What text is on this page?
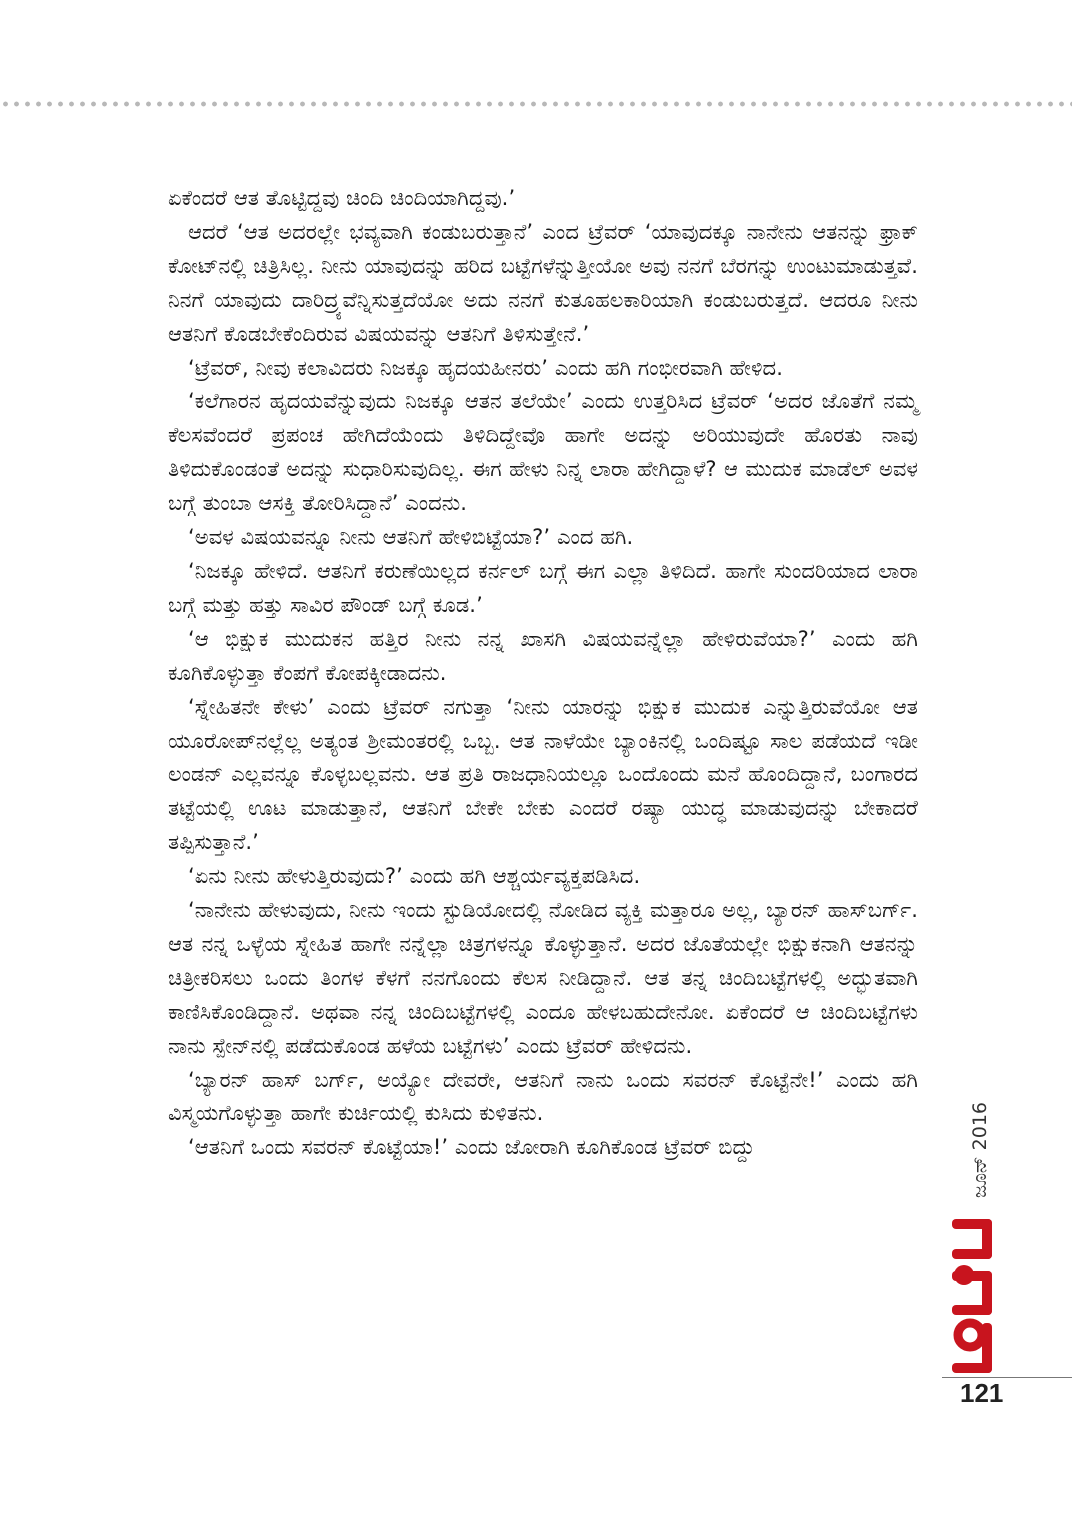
ಏಕೆಂದರೆ ಆತ ತೊಟ್ಟಿದ್ದವು ಚಿಂದಿ ಚಿಂದಿಯಾಗಿದ್ದವು.’

ಆದರೆ ‘ಆತ ಅದರಲ್ಲೇ ಭವ್ಯವಾಗಿ ಕಂಡುಬರುತ್ತಾನೆ’ ಎಂದ ಟ್ರೆವರ್ ‘ಯಾವುದಕ್ಕೂ ನಾನೇನು ಆತನನ್ನು ಫ್ರಾಕ್ ಕೋಟ್‌ನಲ್ಲಿ ಚಿತ್ರಿಸಿಲ್ಲ. ನೀನು ಯಾವುದನ್ನು ಹರಿದ ಬಟ್ಟೆಗಳೆನ್ನುತ್ತೀಯೋ ಅವು ನನಗೆ ಬೆರಗನ್ನು ಉಂಟುಮಾಡುತ್ತವೆ. ನಿನಗೆ ಯಾವುದು ದಾರಿದ್ರ್ಯವೆನ್ನಿಸುತ್ತದೆಯೋ ಅದು ನನಗೆ ಕುತೂಹಲಕಾರಿಯಾಗಿ ಕಂಡುಬರುತ್ತದೆ. ಆದರೂ ನೀನು ಆತನಿಗೆ ಕೊಡಬೇಕೆಂದಿರುವ ವಿಷಯವನ್ನು ಆತನಿಗೆ ತಿಳಿಸುತ್ತೇನೆ.’

‘ಟ್ರೆವರ್, ನೀವು ಕಲಾವಿದರು ನಿಜಕ್ಕೂ ಹೃದಯಹೀನರು’ ಎಂದು ಹಗಿ ಗಂಭೀರವಾಗಿ ಹೇಳಿದ.

‘ಕಲೆಗಾರನ ಹೃದಯವೆನ್ನುವುದು ನಿಜಕ್ಕೂ ಆತನ ತಲೆಯೇ’ ಎಂದು ಉತ್ತರಿಸಿದ ಟ್ರೆವರ್ ‘ಅದರ ಜೊತೆಗೆ ನಮ್ಮ ಕೆಲಸವೆಂದರೆ ಪ್ರಪಂಚ ಹೇಗಿದೆಯೆಂದು ತಿಳಿದಿದ್ದೇವೊ ಹಾಗೇ ಅದನ್ನು ಅರಿಯುವುದೇ ಹೊರತು ನಾವು ತಿಳಿದುಕೊಂಡಂತೆ ಅದನ್ನು ಸುಧಾರಿಸುವುದಿಲ್ಲ. ಈಗ ಹೇಳು ನಿನ್ನ ಲಾರಾ ಹೇಗಿದ್ದಾಳೆ? ಆ ಮುದುಕ ಮಾಡೆಲ್ ಅವಳ ಬಗ್ಗೆ ತುಂಬಾ ಆಸಕ್ತಿ ತೋರಿಸಿದ್ದಾನೆ’ ಎಂದನು.

‘ಅವಳ ವಿಷಯವನ್ನೂ ನೀನು ಆತನಿಗೆ ಹೇಳಿಬಿಟ್ಟೆಯಾ?’ ಎಂದ ಹಗಿ.

‘ನಿಜಕ್ಕೂ ಹೇಳಿದೆ. ಆತನಿಗೆ ಕರುಣೆಯಿಲ್ಲದ ಕರ್ನಲ್ ಬಗ್ಗೆ ಈಗ ಎಲ್ಲಾ ತಿಳಿದಿದೆ. ಹಾಗೇ ಸುಂದರಿಯಾದ ಲಾರಾ ಬಗ್ಗೆ ಮತ್ತು ಹತ್ತು ಸಾವಿರ ಪೌಂಡ್ ಬಗ್ಗೆ ಕೂಡ.’

‘ಆ ಭಿಕ್ಷುಕ ಮುದುಕನ ಹತ್ತಿರ ನೀನು ನನ್ನ ಖಾಸಗಿ ವಿಷಯವನ್ನೆಲ್ಲಾ ಹೇಳಿರುವೆಯಾ?’ ಎಂದು ಹಗಿ ಕೂಗಿಕೊಳ್ಳುತ್ತಾ ಕೆಂಪಗೆ ಕೋಪಕ್ಕೀಡಾದನು.

‘ಸ್ನೇಹಿತನೇ ಕೇಳು’ ಎಂದು ಟ್ರೆವರ್ ನಗುತ್ತಾ ‘ನೀನು ಯಾರನ್ನು ಭಿಕ್ಷುಕ ಮುದುಕ ಎನ್ನುತ್ತಿರುವೆಯೋ ಆತ ಯೂರೋಪ್‌ನಲ್ಲೆಲ್ಲ ಅತ್ಯಂತ ಶ್ರೀಮಂತರಲ್ಲಿ ಒಬ್ಬ. ಆತ ನಾಳೆಯೇ ಬ್ಯಾಂಕಿನಲ್ಲಿ ಒಂದಿಷ್ಟೂ ಸಾಲ ಪಡೆಯದೆ ಇಡೀ ಲಂಡನ್ ಎಲ್ಲವನ್ನೂ ಕೊಳ್ಳಬಲ್ಲವನು. ಆತ ಪ್ರತಿ ರಾಜಧಾನಿಯಲ್ಲೂ ಒಂದೊಂದು ಮನೆ ಹೊಂದಿದ್ದಾನೆ, ಬಂಗಾರದ ತಟ್ಟೆಯಲ್ಲಿ ಊಟ ಮಾಡುತ್ತಾನೆ, ಆತನಿಗೆ ಬೇಕೇ ಬೇಕು ಎಂದರೆ ರಷ್ಯಾ ಯುದ್ಧ ಮಾಡುವುದನ್ನು ಬೇಕಾದರೆ ತಪ್ಪಿಸುತ್ತಾನೆ.’

‘ಏನು ನೀನು ಹೇಳುತ್ತಿರುವುದು?’ ಎಂದು ಹಗಿ ಆಶ್ಚರ್ಯವ್ಯಕ್ತಪಡಿಸಿದ.

‘ನಾನೇನು ಹೇಳುವುದು, ನೀನು ಇಂದು ಸ್ಟುಡಿಯೋದಲ್ಲಿ ನೋಡಿದ ವ್ಯಕ್ತಿ ಮತ್ತಾರೂ ಅಲ್ಲ, ಬ್ಯಾರನ್ ಹಾಸ್‌ಬರ್ಗ್. ಆತ ನನ್ನ ಒಳ್ಳೆಯ ಸ್ನೇಹಿತ ಹಾಗೇ ನನ್ನೆಲ್ಲಾ ಚಿತ್ರಗಳನ್ನೂ ಕೊಳ್ಳುತ್ತಾನೆ. ಅದರ ಜೊತೆಯಲ್ಲೇ ಭಿಕ್ಷುಕನಾಗಿ ಆತನನ್ನು ಚಿತ್ರೀಕರಿಸಲು ಒಂದು ತಿಂಗಳ ಕೆಳಗೆ ನನಗೊಂದು ಕೆಲಸ ನೀಡಿದ್ದಾನೆ. ಆತ ತನ್ನ ಚಿಂದಿಬಟ್ಟೆಗಳಲ್ಲಿ ಅದ್ಭುತವಾಗಿ ಕಾಣಿಸಿಕೊಂಡಿದ್ದಾನೆ. ಅಥವಾ ನನ್ನ ಚಿಂದಿಬಟ್ಟೆಗಳಲ್ಲಿ ಎಂದೂ ಹೇಳಬಹುದೇನೋ. ಏಕೆಂದರೆ ಆ ಚಿಂದಿಬಟ್ಟೆಗಳು ನಾನು ಸ್ಪೇನ್‌ನಲ್ಲಿ ಪಡೆದುಕೊಂಡ ಹಳೆಯ ಬಟ್ಟೆಗಳು’ ಎಂದು ಟ್ರೆವರ್ ಹೇಳಿದನು.

‘ಬ್ಯಾರನ್ ಹಾಸ್ ಬರ್ಗ್, ಅಯ್ಯೋ ದೇವರೇ, ಆತನಿಗೆ ನಾನು ಒಂದು ಸವರನ್ ಕೊಟ್ಟೆನೇ!’ ಎಂದು ಹಗಿ ವಿಸ್ಮಯಗೊಳ್ಳುತ್ತಾ ಹಾಗೇ ಕುರ್ಚಿಯಲ್ಲಿ ಕುಸಿದು ಕುಳಿತನು.

‘ಆತನಿಗೆ ಒಂದು ಸವರನ್ ಕೊಟ್ಟೆಯಾ!’ ಎಂದು ಜೋರಾಗಿ ಕೂಗಿಕೊಂಡ ಟ್ರೆವರ್ ಬಿದ್ದು	ಜೂನ್ 2016
ಮಯೂರ
121
